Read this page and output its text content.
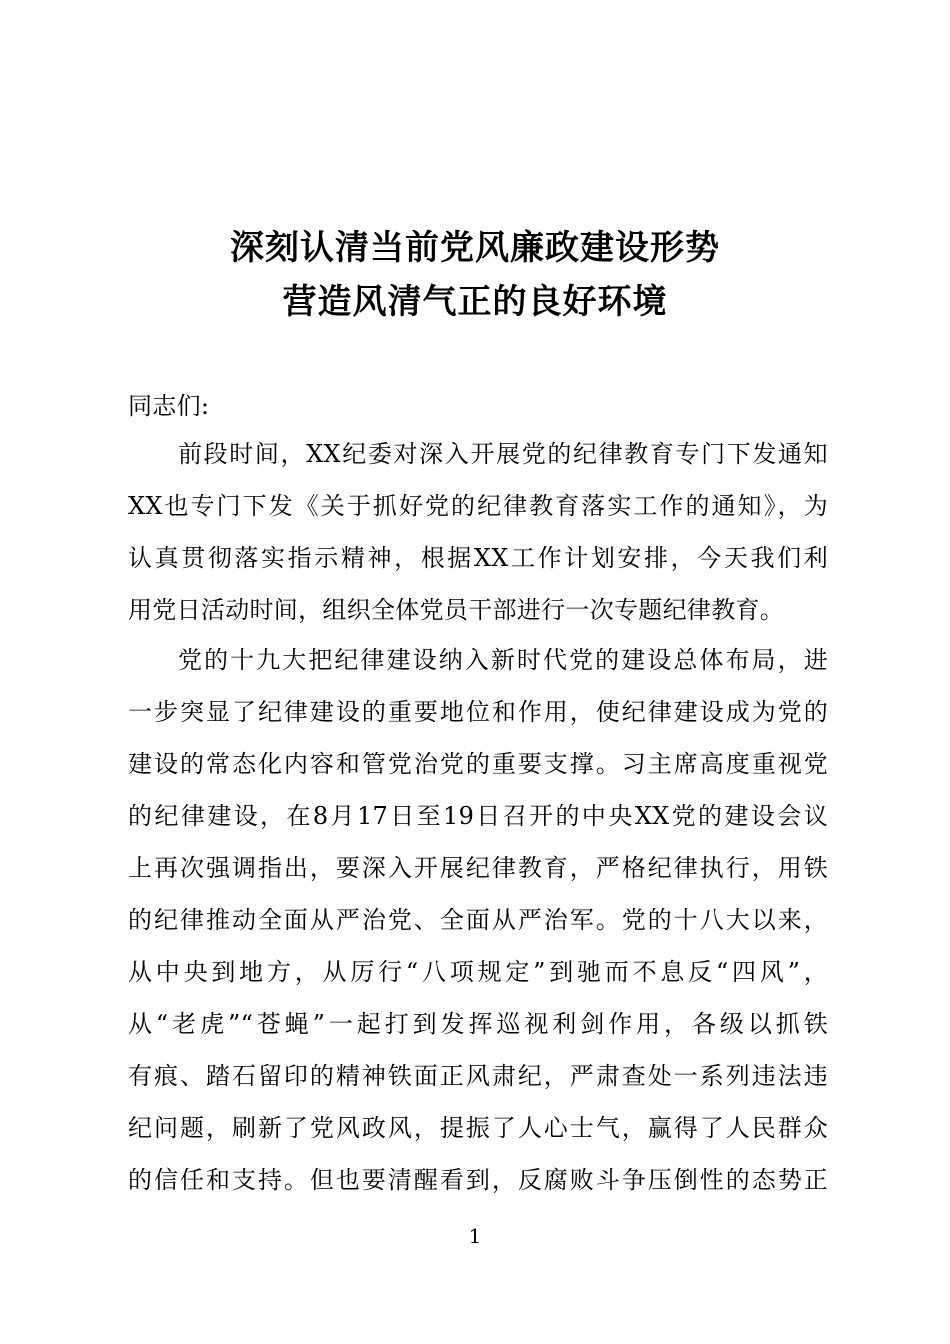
深刻认清当前党风廉政建设形势
营造风清气正的良好环境

同志们:

前段时间，XX纪委对深入开展党的纪律教育专门下发通知

XX也专门下发《关于抓好党的纪律教育落实工作的通知》，为

认真贯彻落实指示精神，根据XX工作计划安排，今天我们利

用党日活动时间，组织全体党员干部进行一次专题纪律教育。

党的十九大把纪律建设纳入新时代党的建设总体布局，进

一步突显了纪律建设的重要地位和作用，使纪律建设成为党的

建设的常态化内容和管党治党的重要支撑。习主席高度重视党

的纪律建设，在8月17日至19日召开的中央XX党的建设会议

上再次强调指出，要深入开展纪律教育，严格纪律执行，用铁

的纪律推动全面从严治党、全面从严治军。党的十八大以来，

从中央到地方，从厉行“八项规定”到驰而不息反“四风”，

从“老虎”“苍蝇”一起打到发挥巡视利剑作用，各级以抓铁

有痕、踏石留印的精神铁面正风肃纪，严肃查处一系列违法违

纪问题，刷新了党风政风，提振了人心士气，赢得了人民群众

的信任和支持。但也要清醒看到，反腐败斗争压倒性的态势正

1
